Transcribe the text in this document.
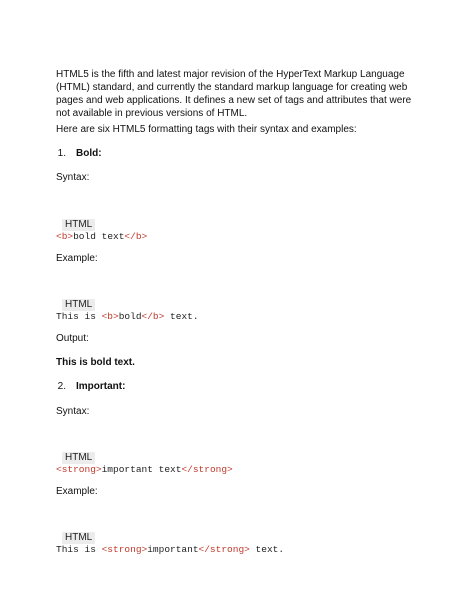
HTML5 is the fifth and latest major revision of the HyperText Markup Language (HTML) standard, and currently the standard markup language for creating web pages and web applications. It defines a new set of tags and attributes that were not available in previous versions of HTML.
Here are six HTML5 formatting tags with their syntax and examples:
1. Bold:
Syntax:
HTML
<b>bold text</b>
Example:
HTML
This is <b>bold</b> text.
Output:
This is bold text.
2. Important:
Syntax:
HTML
<strong>important text</strong>
Example:
HTML
This is <strong>important</strong> text.
